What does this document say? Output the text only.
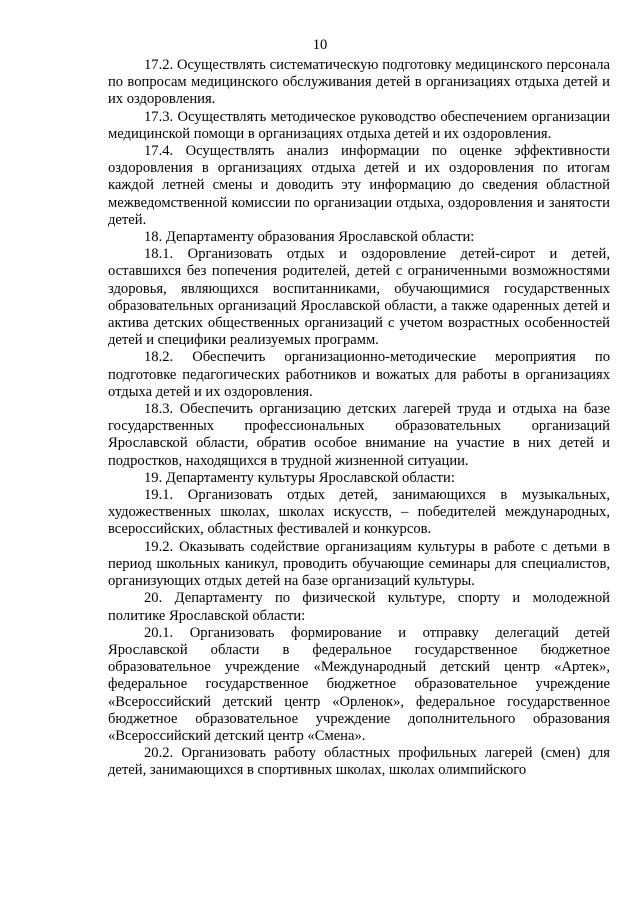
10

17.2. Осуществлять систематическую подготовку медицинского персонала по вопросам медицинского обслуживания детей в организациях отдыха детей и их оздоровления.

17.3. Осуществлять методическое руководство обеспечением организации медицинской помощи в организациях отдыха детей и их оздоровления.

17.4. Осуществлять анализ информации по оценке эффективности оздоровления в организациях отдыха детей и их оздоровления по итогам каждой летней смены и доводить эту информацию до сведения областной межведомственной комиссии по организации отдыха, оздоровления и занятости детей.

18. Департаменту образования Ярославской области:

18.1. Организовать отдых и оздоровление детей-сирот и детей, оставшихся без попечения родителей, детей с ограниченными возможностями здоровья, являющихся воспитанниками, обучающимися государственных образовательных организаций Ярославской области, а также одаренных детей и актива детских общественных организаций с учетом возрастных особенностей детей и специфики реализуемых программ.

18.2. Обеспечить организационно-методические мероприятия по подготовке педагогических работников и вожатых для работы в организациях отдыха детей и их оздоровления.

18.3. Обеспечить организацию детских лагерей труда и отдыха на базе государственных профессиональных образовательных организаций Ярославской области, обратив особое внимание на участие в них детей и подростков, находящихся в трудной жизненной ситуации.

19. Департаменту культуры Ярославской области:

19.1. Организовать отдых детей, занимающихся в музыкальных, художественных школах, школах искусств, – победителей международных, всероссийских, областных фестивалей и конкурсов.

19.2. Оказывать содействие организациям культуры в работе с детьми в период школьных каникул, проводить обучающие семинары для специалистов, организующих отдых детей на базе организаций культуры.

20. Департаменту по физической культуре, спорту и молодежной политике Ярославской области:

20.1. Организовать формирование и отправку делегаций детей Ярославской области в федеральное государственное бюджетное образовательное учреждение «Международный детский центр «Артек», федеральное государственное бюджетное образовательное учреждение «Всероссийский детский центр «Орленок», федеральное государственное бюджетное образовательное учреждение дополнительного образования «Всероссийский детский центр «Смена».

20.2. Организовать работу областных профильных лагерей (смен) для детей, занимающихся в спортивных школах, школах олимпийского
